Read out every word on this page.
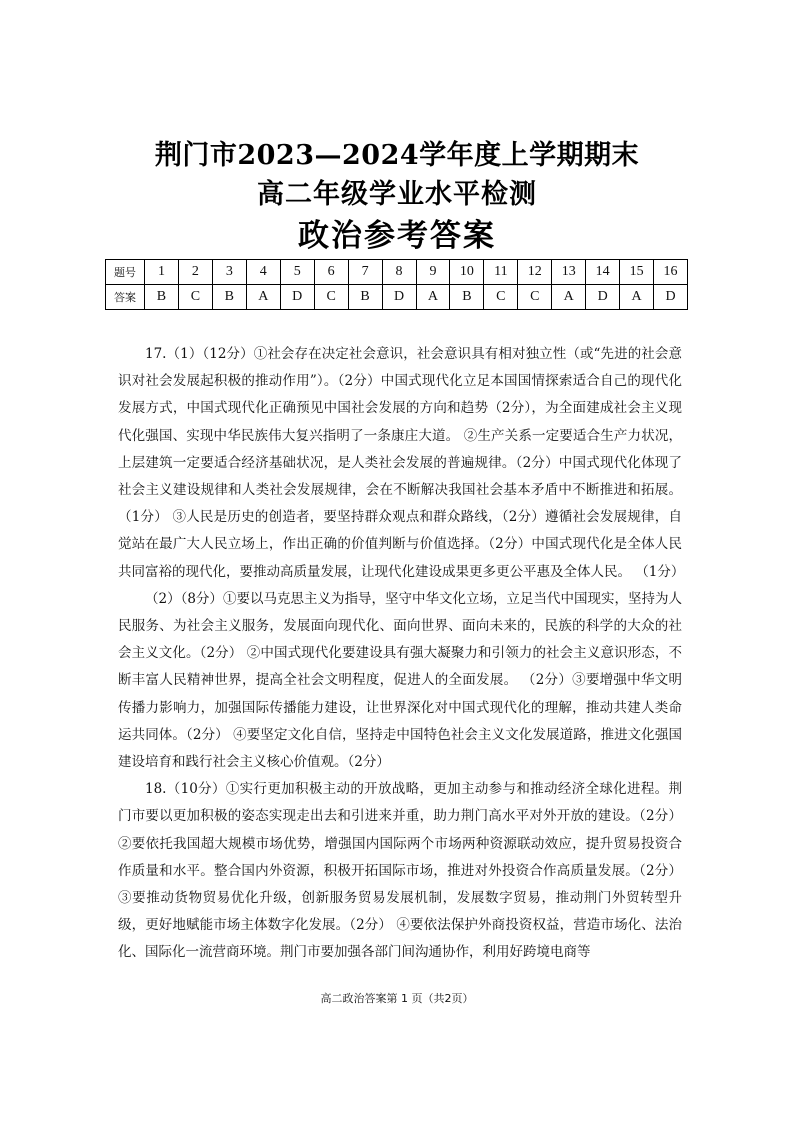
荆门市2023—2024学年度上学期期末
高二年级学业水平检测
政治参考答案
题号	1	2	3	4	5	6	7	8	9	10	11	12	13	14	15	16
答案	B	C	B	A	D	C	B	D	A	B	C	C	A	D	A	D

17.（1）（12分）①社会存在决定社会意识，社会意识具有相对独立性（或“先进的社会意识对社会发展起积极的推动作用”）。（2分）中国式现代化立足本国国情探索适合自己的现代化发展方式，中国式现代化正确预见中国社会发展的方向和趋势（2分），为全面建成社会主义现代化强国、实现中华民族伟大复兴指明了一条康庄大道。 ②生产关系一定要适合生产力状况，上层建筑一定要适合经济基础状况，是人类社会发展的普遍规律。（2分）中国式现代化体现了社会主义建设规律和人类社会发展规律，会在不断解决我国社会基本矛盾中不断推进和拓展。（1分） ③人民是历史的创造者，要坚持群众观点和群众路线，（2分）遵循社会发展规律，自觉站在最广大人民立场上，作出正确的价值判断与价值选择。（2分）中国式现代化是全体人民共同富裕的现代化，要推动高质量发展，让现代化建设成果更多更公平惠及全体人民。 （1分）

（2）（8分）①要以马克思主义为指导，坚守中华文化立场，立足当代中国现实，坚持为人民服务、为社会主义服务，发展面向现代化、面向世界、面向未来的，民族的科学的大众的社会主义文化。（2分） ②中国式现代化要建设具有强大凝聚力和引领力的社会主义意识形态，不断丰富人民精神世界，提高全社会文明程度，促进人的全面发展。 （2分）③要增强中华文明传播力影响力，加强国际传播能力建设，让世界深化对中国式现代化的理解，推动共建人类命运共同体。（2分） ④要坚定文化自信，坚持走中国特色社会主义文化发展道路，推进文化强国建设培育和践行社会主义核心价值观。（2分）

18.（10分）①实行更加积极主动的开放战略，更加主动参与和推动经济全球化进程。荆门市要以更加积极的姿态实现走出去和引进来并重，助力荆门高水平对外开放的建设。（2分） ②要依托我国超大规模市场优势，增强国内国际两个市场两种资源联动效应，提升贸易投资合作质量和水平。整合国内外资源，积极开拓国际市场，推进对外投资合作高质量发展。（2分） ③要推动货物贸易优化升级，创新服务贸易发展机制，发展数字贸易，推动荆门外贸转型升级，更好地赋能市场主体数字化发展。（2分） ④要依法保护外商投资权益，营造市场化、法治化、国际化一流营商环境。荆门市要加强各部门间沟通协作，利用好跨境电商等

高二政治答案第 1 页（共2页）
